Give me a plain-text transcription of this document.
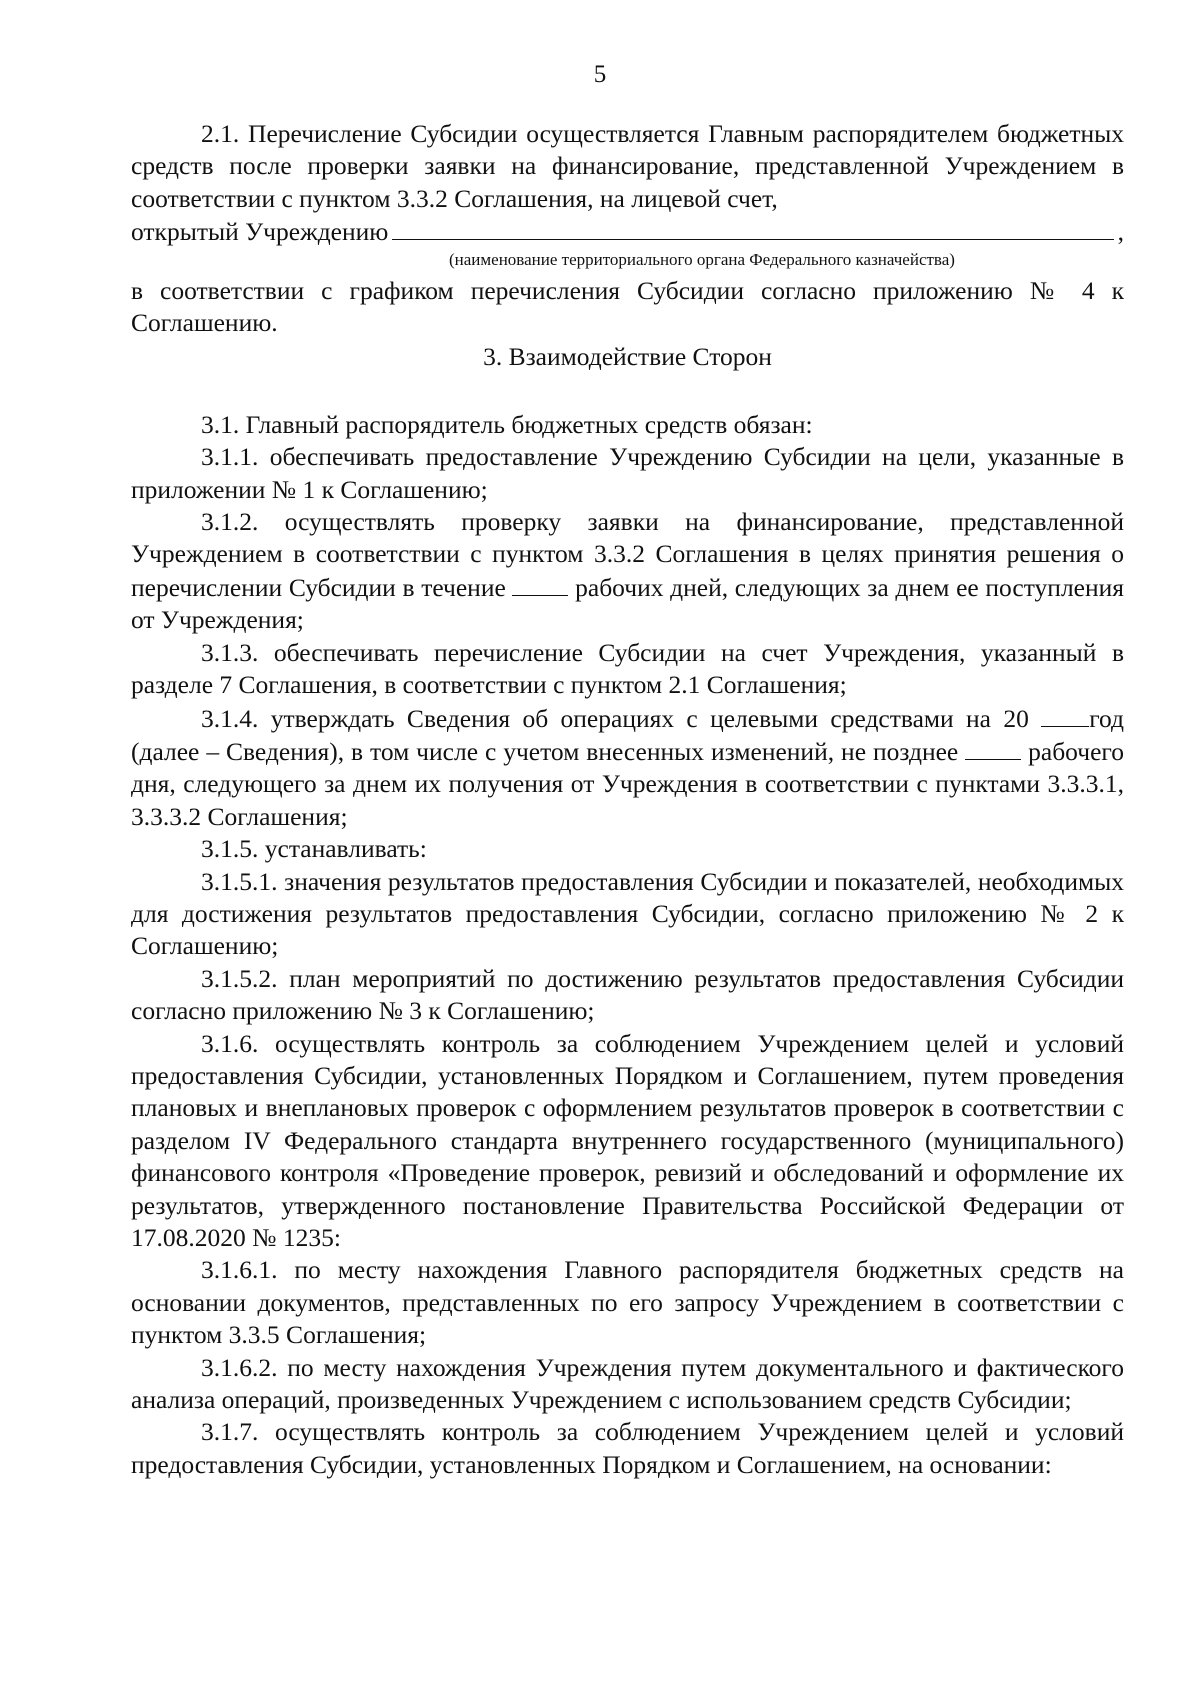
5

2.1. Перечисление Субсидии осуществляется Главным распорядителем бюджетных средств после проверки заявки на финансирование, представленной Учреждением в соответствии с пунктом 3.3.2 Соглашения, на лицевой счет,

открытый Учреждению	,

(наименование территориального органа Федерального казначейства)

в соответствии с графиком перечисления Субсидии согласно приложению № 4 к Соглашению.

3. Взаимодействие Сторон

3.1. Главный распорядитель бюджетных средств обязан:

3.1.1. обеспечивать предоставление Учреждению Субсидии на цели, указанные в приложении № 1 к Соглашению;

3.1.2. осуществлять проверку заявки на финансирование, представленной Учреждением в соответствии с пунктом 3.3.2 Соглашения в целях принятия решения о перечислении Субсидии в течение	рабочих дней, следующих за днем ее поступления от Учреждения;

3.1.3. обеспечивать перечисление Субсидии на счет Учреждения, указанный в разделе 7 Соглашения, в соответствии с пунктом 2.1 Соглашения;

3.1.4. утверждать Сведения об операциях с целевыми средствами на 20 год (далее – Сведения), в том числе с учетом внесенных изменений, не позднее	рабочего дня, следующего за днем их получения от Учреждения в соответствии с пунктами 3.3.3.1, 3.3.3.2 Соглашения;

3.1.5. устанавливать:

3.1.5.1. значения результатов предоставления Субсидии и показателей, необходимых для достижения результатов предоставления Субсидии, согласно приложению № 2 к Соглашению;

3.1.5.2. план мероприятий по достижению результатов предоставления Субсидии согласно приложению № 3 к Соглашению;

3.1.6. осуществлять контроль за соблюдением Учреждением целей и условий предоставления Субсидии, установленных Порядком и Соглашением, путем проведения плановых и внеплановых проверок с оформлением результатов проверок в соответствии с разделом IV Федерального стандарта внутреннего государственного (муниципального) финансового контроля «Проведение проверок, ревизий и обследований и оформление их результатов, утвержденного постановление Правительства Российской Федерации от 17.08.2020 № 1235:

3.1.6.1. по месту нахождения Главного распорядителя бюджетных средств на основании документов, представленных по его запросу Учреждением в соответствии с пунктом 3.3.5 Соглашения;

3.1.6.2. по месту нахождения Учреждения путем документального и фактического анализа операций, произведенных Учреждением с использованием средств Субсидии;

3.1.7. осуществлять контроль за соблюдением Учреждением целей и условий предоставления Субсидии, установленных Порядком и Соглашением, на основании:
